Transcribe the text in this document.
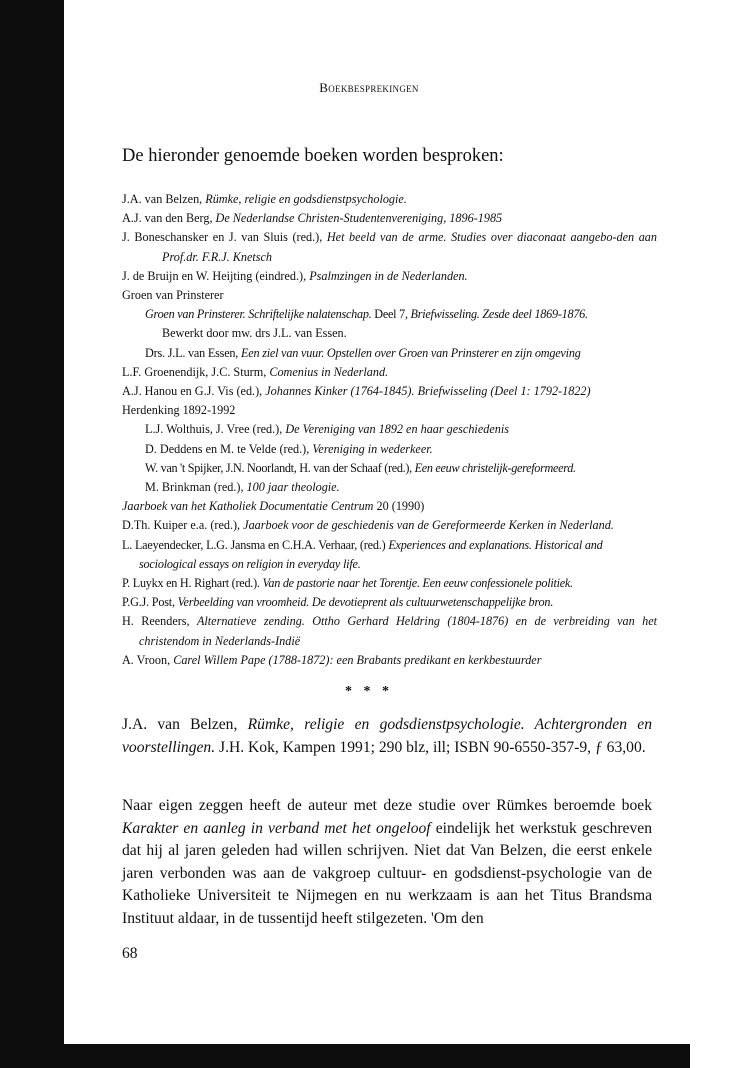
Boekbesprekingen
De hieronder genoemde boeken worden besproken:
J.A. van Belzen, Rümke, religie en godsdienstpsychologie.
A.J. van den Berg, De Nederlandse Christen-Studentenvereniging, 1896-1985
J. Boneschansker en J. van Sluis (red.), Het beeld van de arme. Studies over diaconaat aangebo-den aan Prof.dr. F.R.J. Knetsch
J. de Bruijn en W. Heijting (eindred.), Psalmzingen in de Nederlanden.
Groen van Prinsterer
Groen van Prinsterer. Schriftelijke nalatenschap. Deel 7, Briefwisseling. Zesde deel 1869-1876.
Bewerkt door mw. drs J.L. van Essen.
Drs. J.L. van Essen, Een ziel van vuur. Opstellen over Groen van Prinsterer en zijn omgeving
L.F. Groenendijk, J.C. Sturm, Comenius in Nederland.
A.J. Hanou en G.J. Vis (ed.), Johannes Kinker (1764-1845). Briefwisseling (Deel 1: 1792-1822)
Herdenking 1892-1992
L.J. Wolthuis, J. Vree (red.), De Vereniging van 1892 en haar geschiedenis
D. Deddens en M. te Velde (red.), Vereniging in wederkeer.
W. van 't Spijker, J.N. Noorlandt, H. van der Schaaf (red.), Een eeuw christelijk-gereformeerd.
M. Brinkman (red.), 100 jaar theologie.
Jaarboek van het Katholiek Documentatie Centrum 20 (1990)
D.Th. Kuiper e.a. (red.), Jaarboek voor de geschiedenis van de Gereformeerde Kerken in Nederland.
L. Laeyendecker, L.G. Jansma en C.H.A. Verhaar, (red.) Experiences and explanations. Historical and sociological essays on religion in everyday life.
P. Luykx en H. Righart (red.). Van de pastorie naar het Torentje. Een eeuw confessionele politiek.
P.G.J. Post, Verbeelding van vroomheid. De devotieprent als cultuurwetenschappelijke bron.
H. Reenders, Alternatieve zending. Ottho Gerhard Heldring (1804-1876) en de verbreiding van het christendom in Nederlands-Indië
A. Vroon, Carel Willem Pape (1788-1872): een Brabants predikant en kerkbestuurder
* * *
J.A. van Belzen, Rümke, religie en godsdienstpsychologie. Achtergronden en voorstellingen. J.H. Kok, Kampen 1991; 290 blz, ill; ISBN 90-6550-357-9, ƒ 63,00.

Naar eigen zeggen heeft de auteur met deze studie over Rümkes beroemde boek Karakter en aanleg in verband met het ongeloof eindelijk het werkstuk geschreven dat hij al jaren geleden had willen schrijven. Niet dat Van Belzen, die eerst enkele jaren verbonden was aan de vakgroep cultuur- en godsdienst-psychologie van de Katholieke Universiteit te Nijmegen en nu werkzaam is aan het Titus Brandsma Instituut aldaar, in de tussentijd heeft stilgezeten. 'Om den

68
